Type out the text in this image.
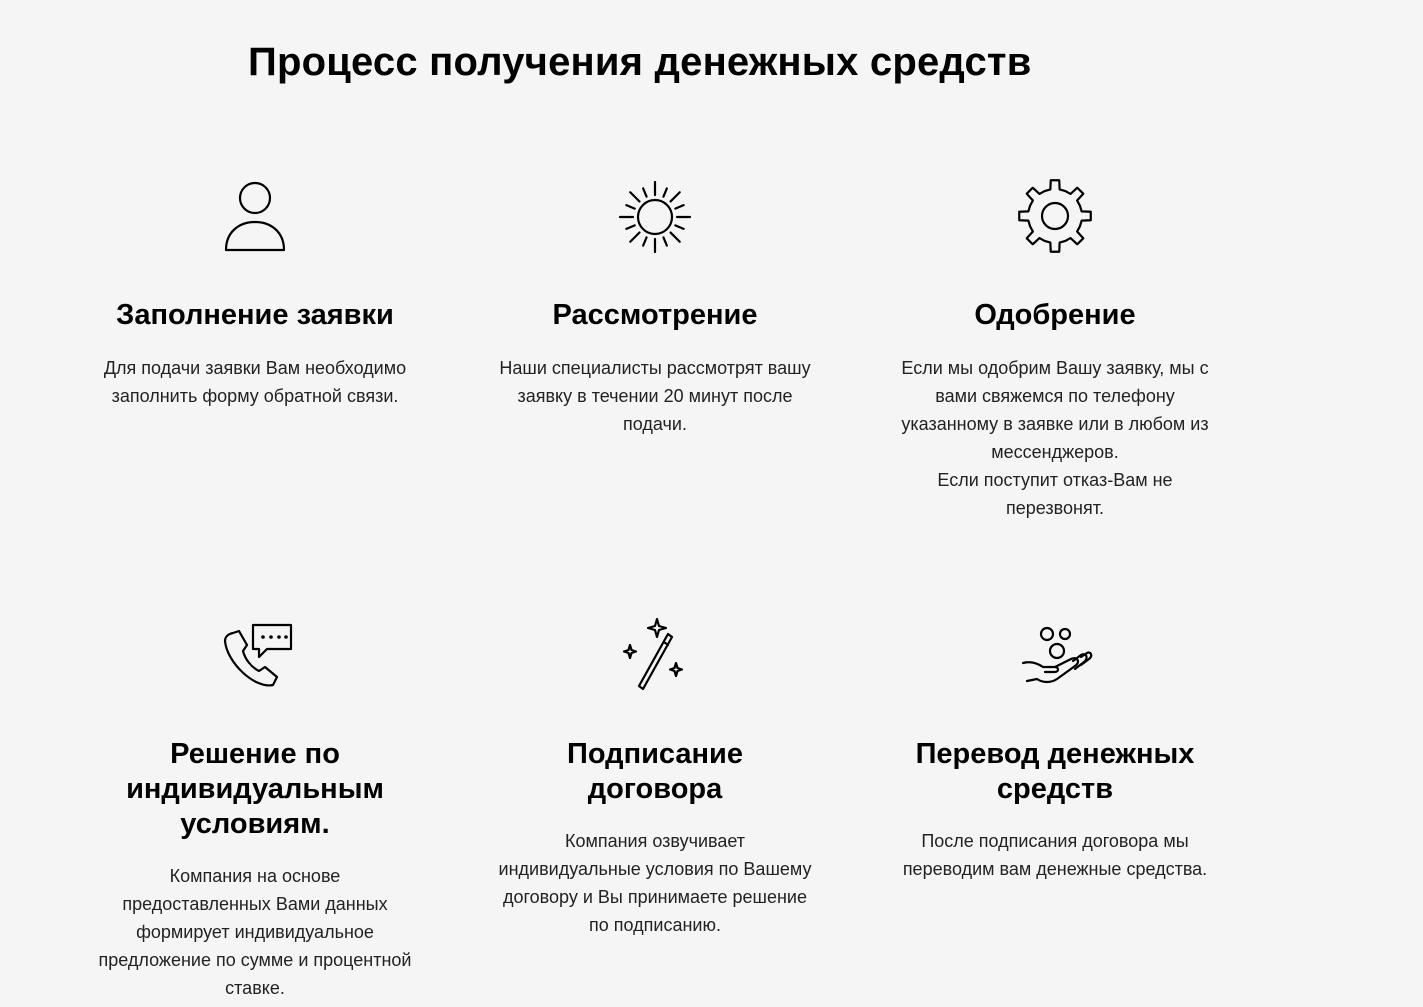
Процесс получения денежных средств
Заполнение заявки

Для подачи заявки Вам необходимо
заполнить форму обратной связи.

Рассмотрение

Наши специалисты рассмотрят вашу
заявку в течении 20 минут после
подачи.

Одобрение

Если мы одобрим Вашу заявку, мы с
вами свяжемся по телефону
указанному в заявке или в любом из
мессенджеров.
Если поступит отказ-Вам не
перезвонят.

Решение по
индивидуальным
условиям.

Компания на основе
предоставленных Вами данных
формирует индивидуальное
предложение по сумме и процентной
ставке.

Подписание
договора

Компания озвучивает
индивидуальные условия по Вашему
договору и Вы принимаете решение
по подписанию.

Перевод денежных
средств

После подписания договора мы
переводим вам денежные средства.
